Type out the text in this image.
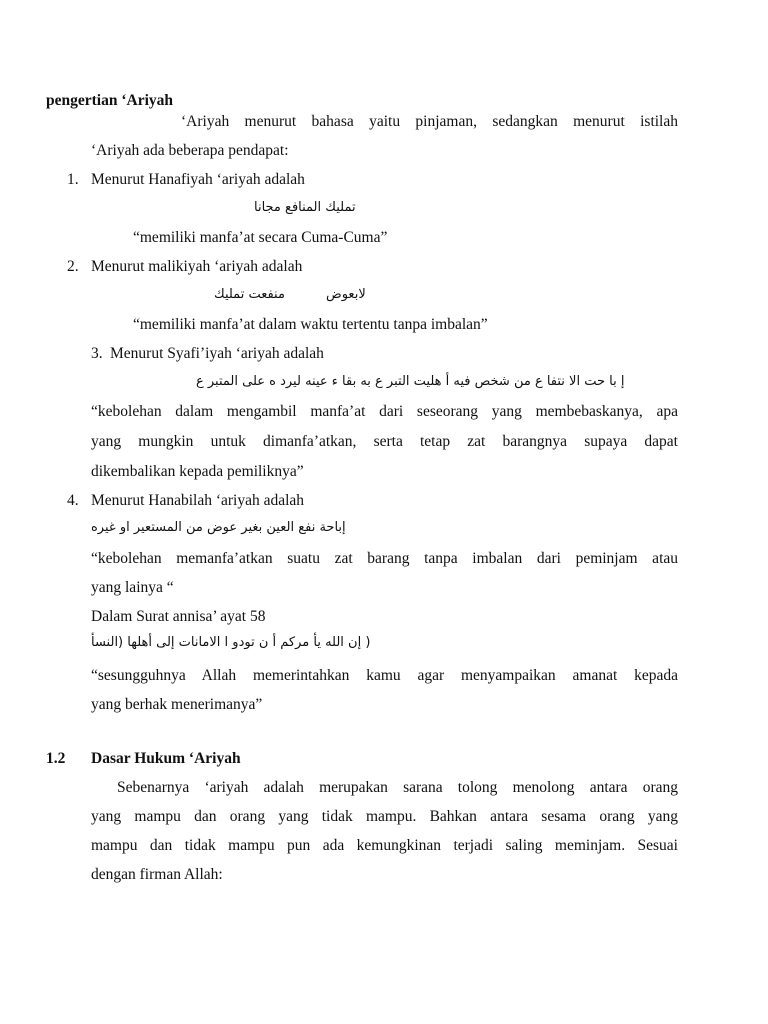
pengertian ‘Ariyah
‘Ariyah menurut bahasa yaitu pinjaman, sedangkan menurut istilah
‘Ariyah ada beberapa pendapat:
1. Menurut Hanafiyah ‘ariyah adalah
تمليك المنافع مجانا
“memiliki manfa’at secara Cuma-Cuma”
2. Menurut malikiyah ‘ariyah adalah
منفعت تمليك	لابعوض
“memiliki manfa’at dalam waktu tertentu tanpa imbalan”
3. Menurut Syafi’iyah ‘ariyah adalah
إ با حت الا نتفا ع من شخص فيه أ هليت التبر ع به بقا ء عينه ليرد ه على المتبر ع
“kebolehan dalam mengambil manfa’at dari seseorang yang membebaskanya, apa
yang mungkin untuk dimanfa’atkan, serta tetap zat barangnya supaya dapat
dikembalikan kepada pemiliknya”
4. Menurut Hanabilah ‘ariyah adalah
إباحة نفع العين بغير عوض من المستعير او غيره
“kebolehan memanfa’atkan suatu zat barang tanpa imbalan dari peminjam atau
yang lainya “
Dalam Surat annisa’ ayat 58
( إن الله يأ مركم أ ن تودو ا الامانات إلى أهلها (النسأ
“sesungguhnya Allah memerintahkan kamu agar menyampaikan amanat kepada
yang berhak menerimanya”
1.2 Dasar Hukum ‘Ariyah
Sebenarnya ‘ariyah adalah merupakan sarana tolong menolong antara orang
yang mampu dan orang yang tidak mampu. Bahkan antara sesama orang yang
mampu dan tidak mampu pun ada kemungkinan terjadi saling meminjam. Sesuai
dengan firman Allah:
